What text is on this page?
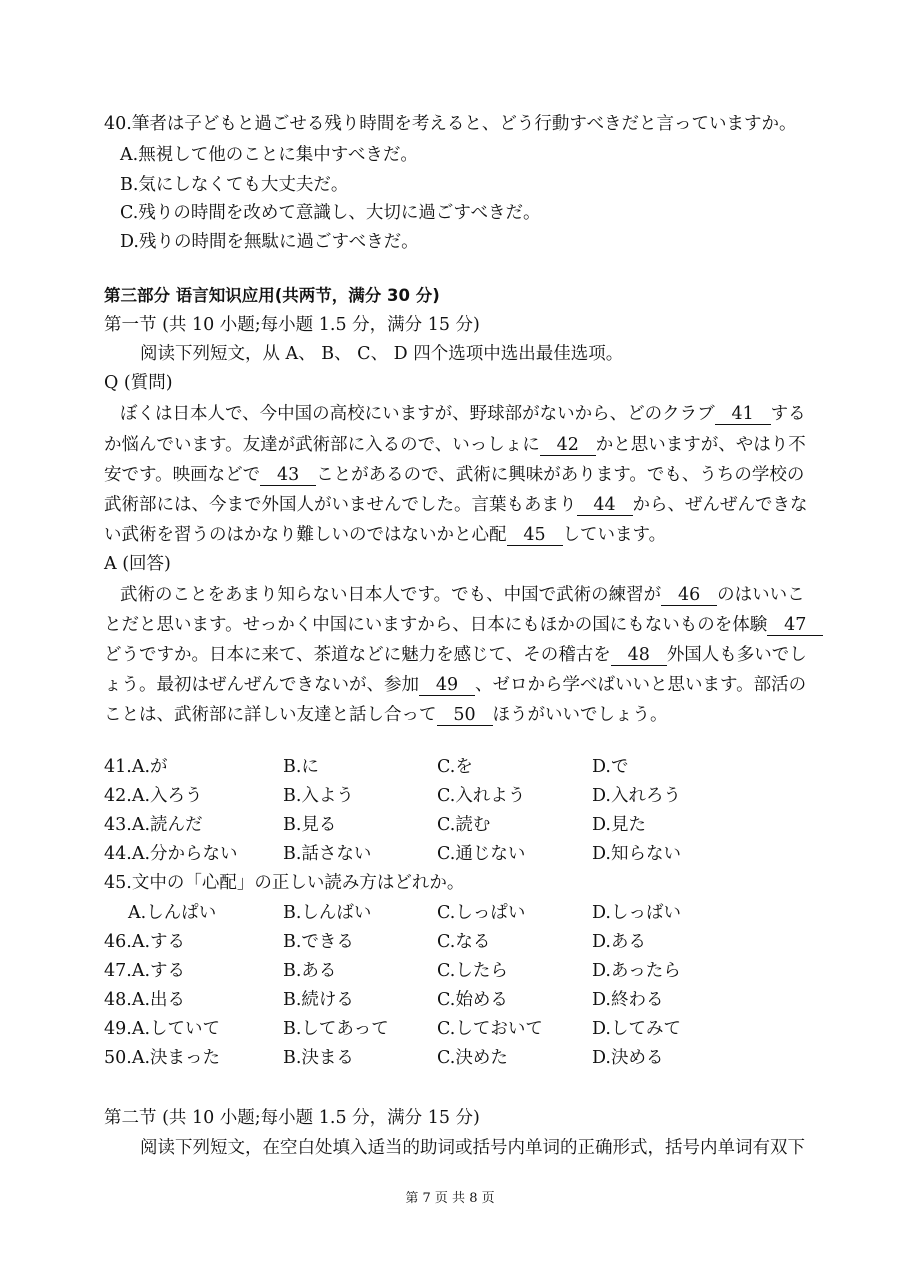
40.筆者は子どもと過ごせる残り時間を考えると、どう行動すべきだと言っていますか。
A.無視して他のことに集中すべきだ。
B.気にしなくても大丈夫だ。
C.残りの時間を改めて意識し、大切に過ごすべきだ。
D.残りの時間を無駄に過ごすべきだ。
第三部分 语言知识应用(共两节，满分 30 分)
第一节 (共 10 小题;每小题 1.5 分，满分 15 分)
阅读下列短文，从 A、 B、 C、 D 四个选项中选出最佳选项。
Q (質問)
ぼくは日本人で、今中国の高校にいますが、野球部がないから、どのクラブ 41 する
か悩んでいます。友達が武術部に入るので、いっしょに 42 かと思いますが、やはり不
安です。映画などで 43 ことがあるので、武術に興味があります。でも、うちの学校の
武術部には、今まで外国人がいませんでした。言葉もあまり 44 から、ぜんぜんできな
い武術を習うのはかなり難しいのではないかと心配 45 しています。
A (回答)
武術のことをあまり知らない日本人です。でも、中国で武術の練習が 46 のはいいこ
とだと思います。せっかく中国にいますから、日本にもほかの国にもないものを体験 47
どうですか。日本に来て、茶道などに魅力を感じて、その稽古を 48 外国人も多いでし
ょう。最初はぜんぜんできないが、参加 49 、ゼロから学べばいいと思います。部活の
ことは、武術部に詳しい友達と話し合って 50 ほうがいいでしょう。
41.A.が	B.に	C.を	D.で
42.A.入ろう	B.入よう	C.入れよう	D.入れろう
43.A.読んだ	B.見る	C.読む	D.見た
44.A.分からない	B.話さない	C.通じない	D.知らない
45.文中の「心配」の正しい読み方はどれか。
A.しんぱい	B.しんばい	C.しっぱい	D.しっばい
46.A.する	B.できる	C.なる	D.ある
47.A.する	B.ある	C.したら	D.あったら
48.A.出る	B.続ける	C.始める	D.終わる
49.A.していて	B.してあって	C.しておいて	D.してみて
50.A.決まった	B.決まる	C.決めた	D.決める
第二节 (共 10 小题;每小题 1.5 分，满分 15 分)
阅读下列短文，在空白处填入适当的助词或括号内单词的正确形式，括号内单词有双下
第 7 页 共 8 页
